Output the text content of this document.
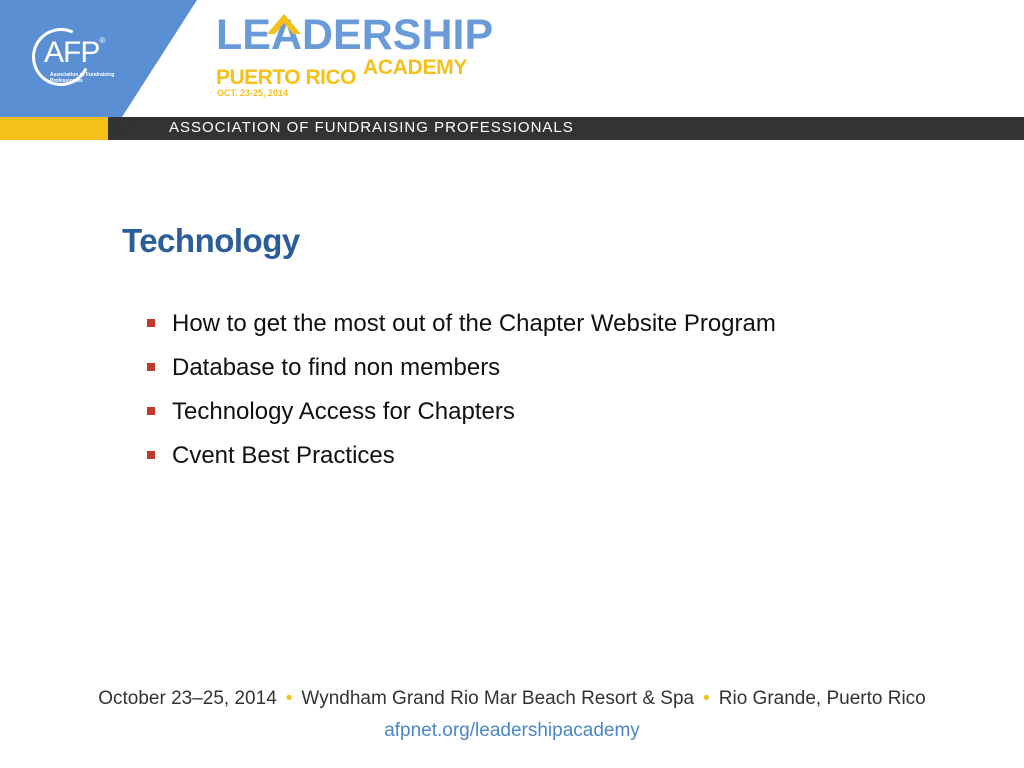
AFP®
Association of Fundraising Professionals
LEADERSHIP
ACADEMY
PUERTO RICO
OCT. 23-25, 2014
ASSOCIATION OF FUNDRAISING PROFESSIONALS
Technology
How to get the most out of the Chapter Website Program
Database to find non members
Technology Access for Chapters
Cvent Best Practices
October 23–25, 2014 • Wyndham Grand Rio Mar Beach Resort & Spa • Rio Grande, Puerto Rico
afpnet.org/leadershipacademy
